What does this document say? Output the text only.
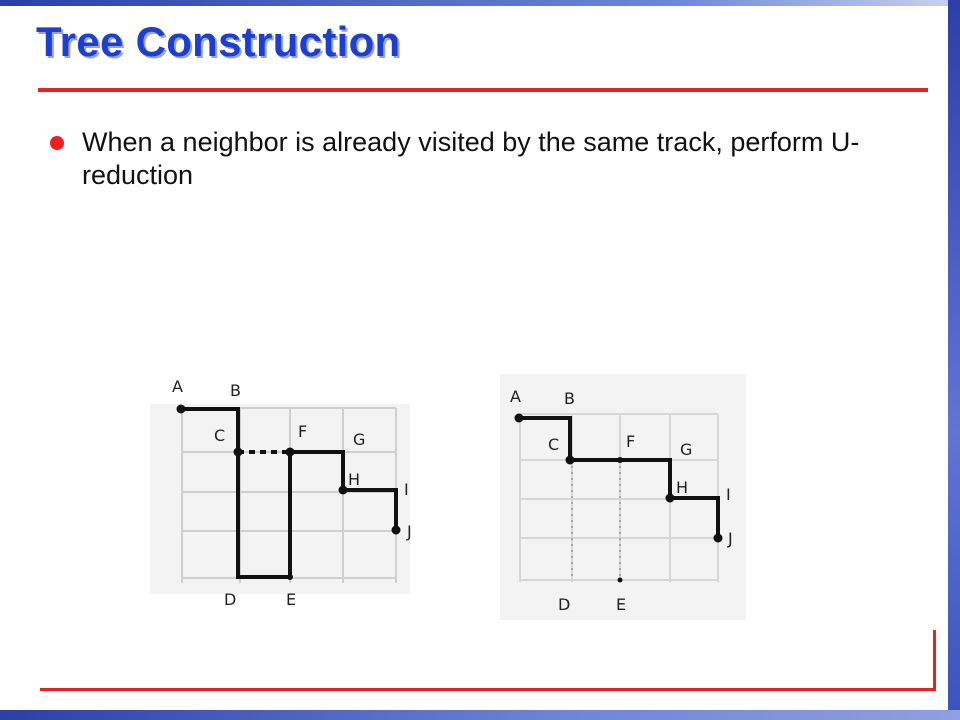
Tree Construction
When a neighbor is already visited by the same track, perform U-reduction
A	B
C	F	G
H
I
J
D	E
A	B
C	F	G
H I
J
D	E
